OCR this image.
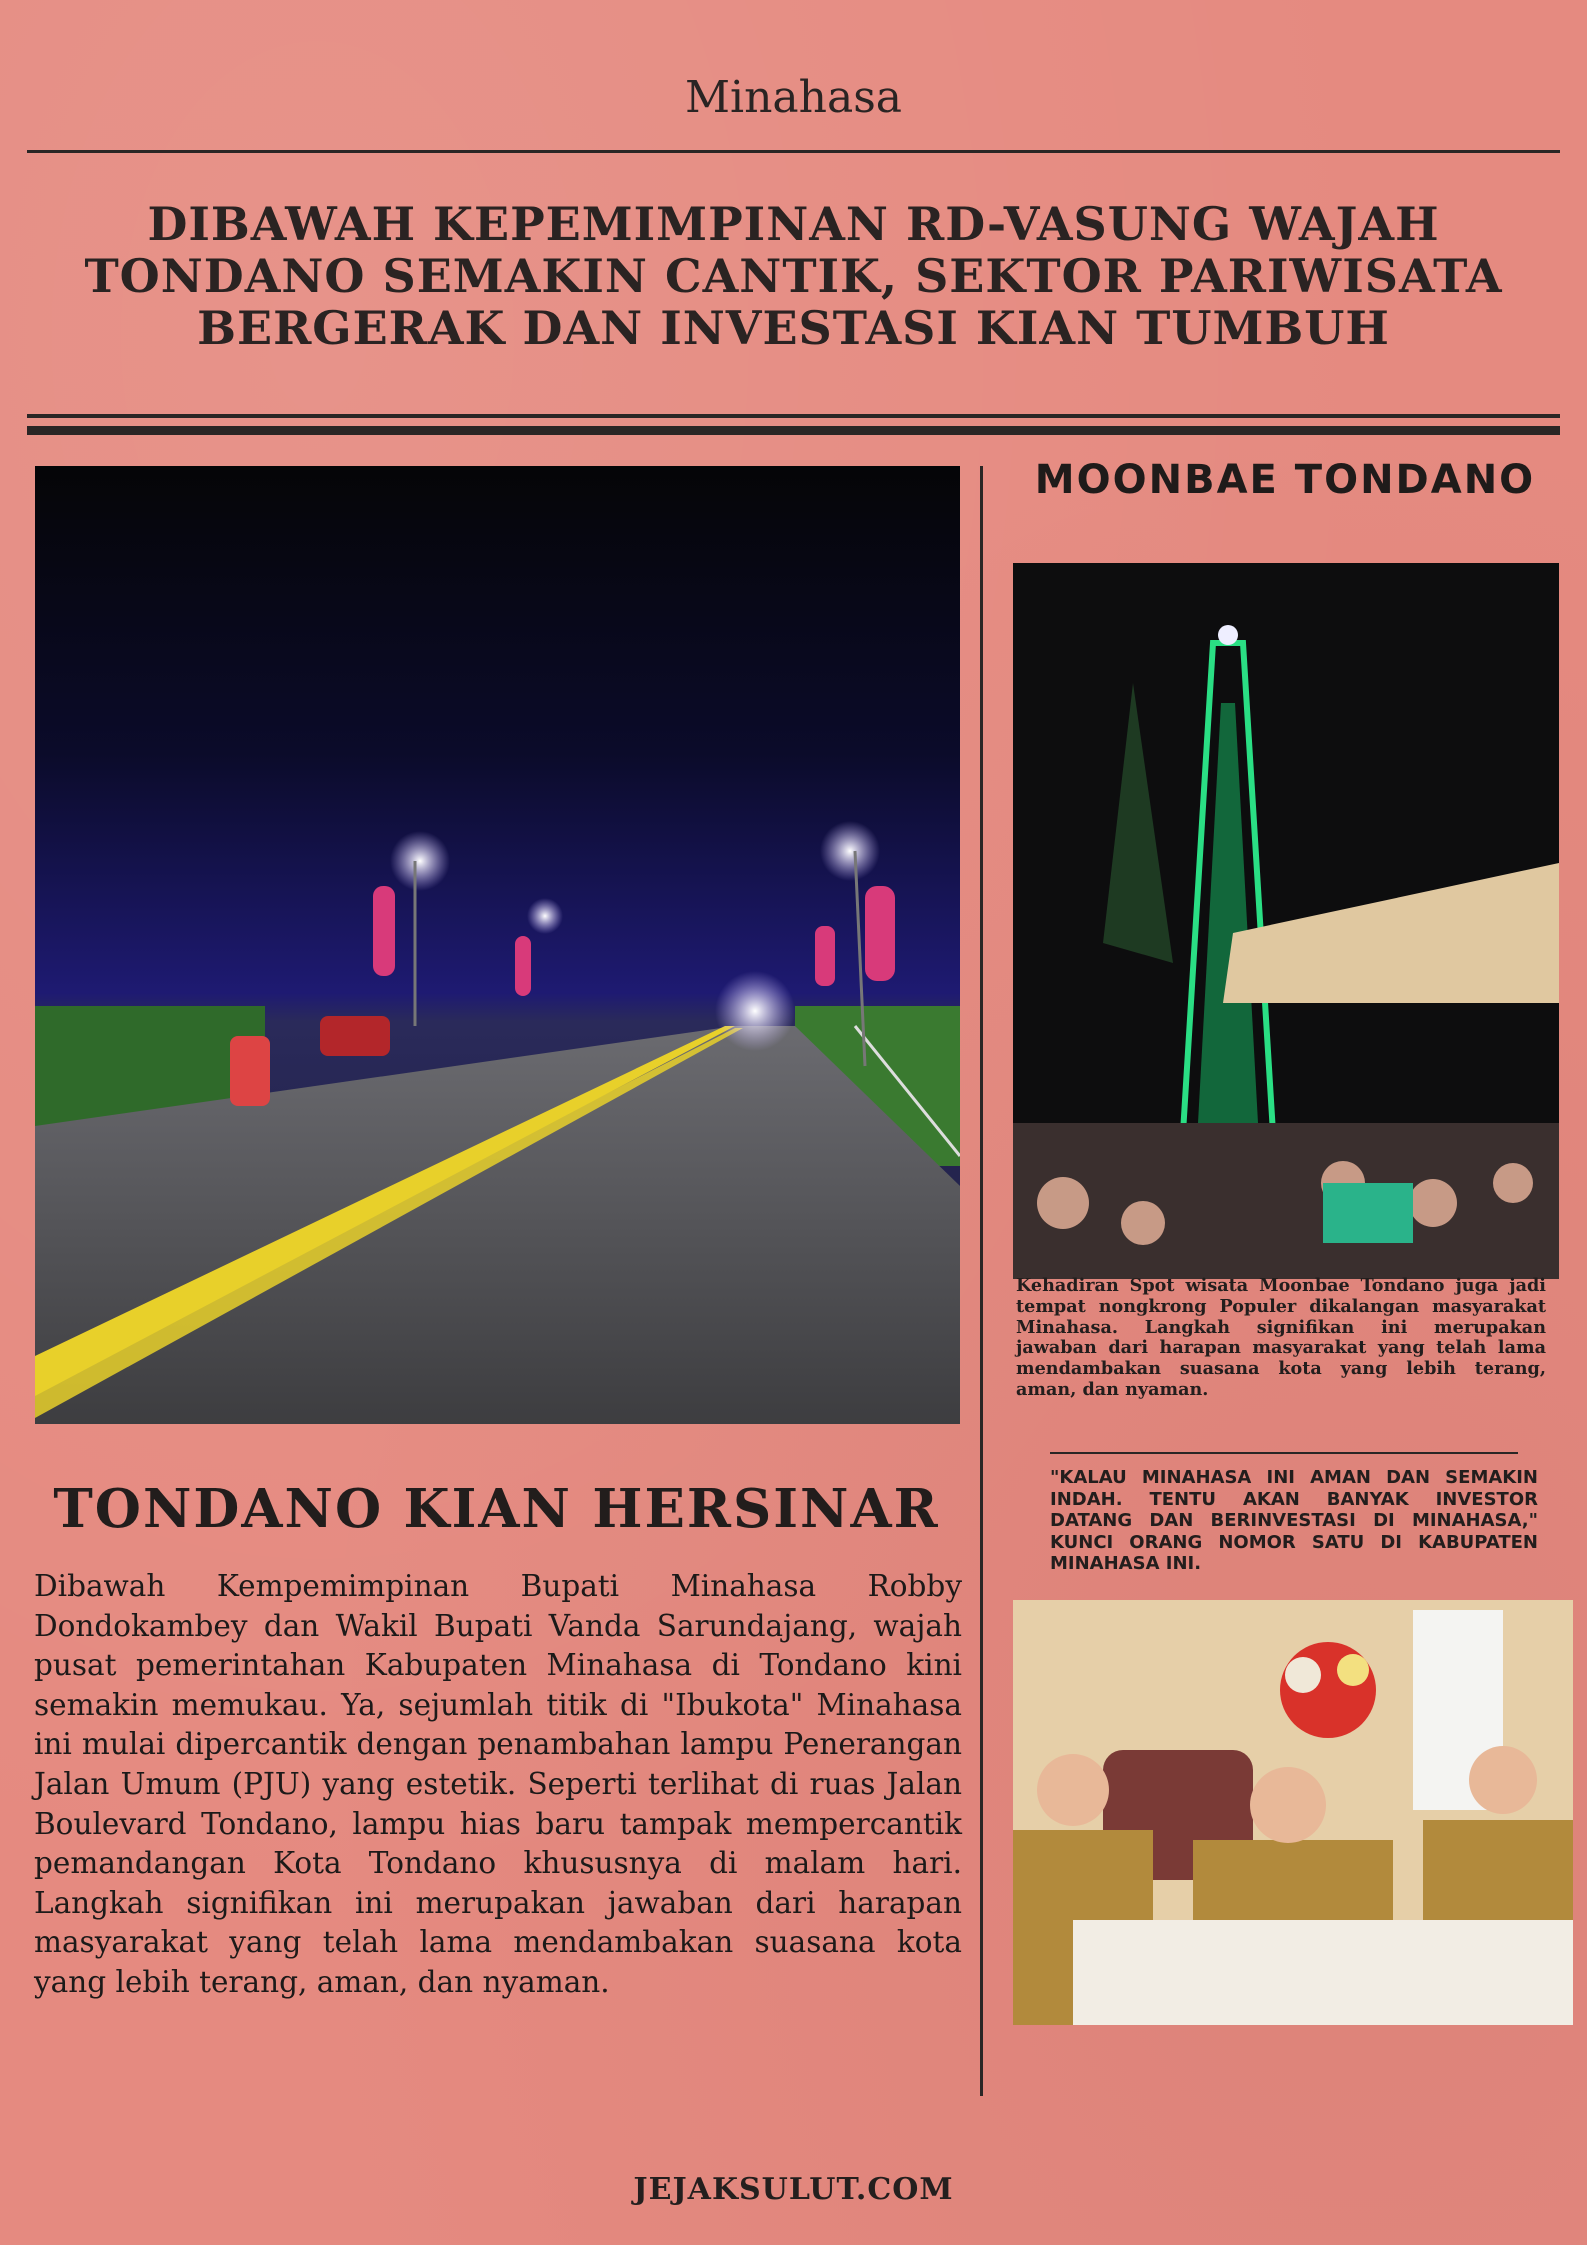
Minahasa
DIBAWAH KEPEMIMPINAN RD-VASUNG WAJAH TONDANO SEMAKIN CANTIK, SEKTOR PARIWISATA BERGERAK DAN INVESTASI KIAN TUMBUH
TONDANO KIAN HERSINAR
Dibawah Kempemimpinan Bupati Minahasa Robby Dondokambey dan Wakil Bupati Vanda Sarundajang, wajah pusat pemerintahan Kabupaten Minahasa di Tondano kini semakin memukau. Ya, sejumlah titik di "Ibukota" Minahasa ini mulai dipercantik dengan penambahan lampu Penerangan Jalan Umum (PJU) yang estetik. Seperti terlihat di ruas Jalan Boulevard Tondano, lampu hias baru tampak mempercantik pemandangan Kota Tondano khususnya di malam hari. Langkah signifikan ini merupakan jawaban dari harapan masyarakat yang telah lama mendambakan suasana kota yang lebih terang, aman, dan nyaman.
MOONBAE TONDANO
Kehadiran Spot wisata Moonbae Tondano juga jadi tempat nongkrong Populer dikalangan masyarakat Minahasa. Langkah signifikan ini merupakan jawaban dari harapan masyarakat yang telah lama mendambakan suasana kota yang lebih terang, aman, dan nyaman.
"KALAU MINAHASA INI AMAN DAN SEMAKIN INDAH. TENTU AKAN BANYAK INVESTOR DATANG DAN BERINVESTASI DI MINAHASA," KUNCI ORANG NOMOR SATU DI KABUPATEN MINAHASA INI.
JEJAKSULUT.COM
